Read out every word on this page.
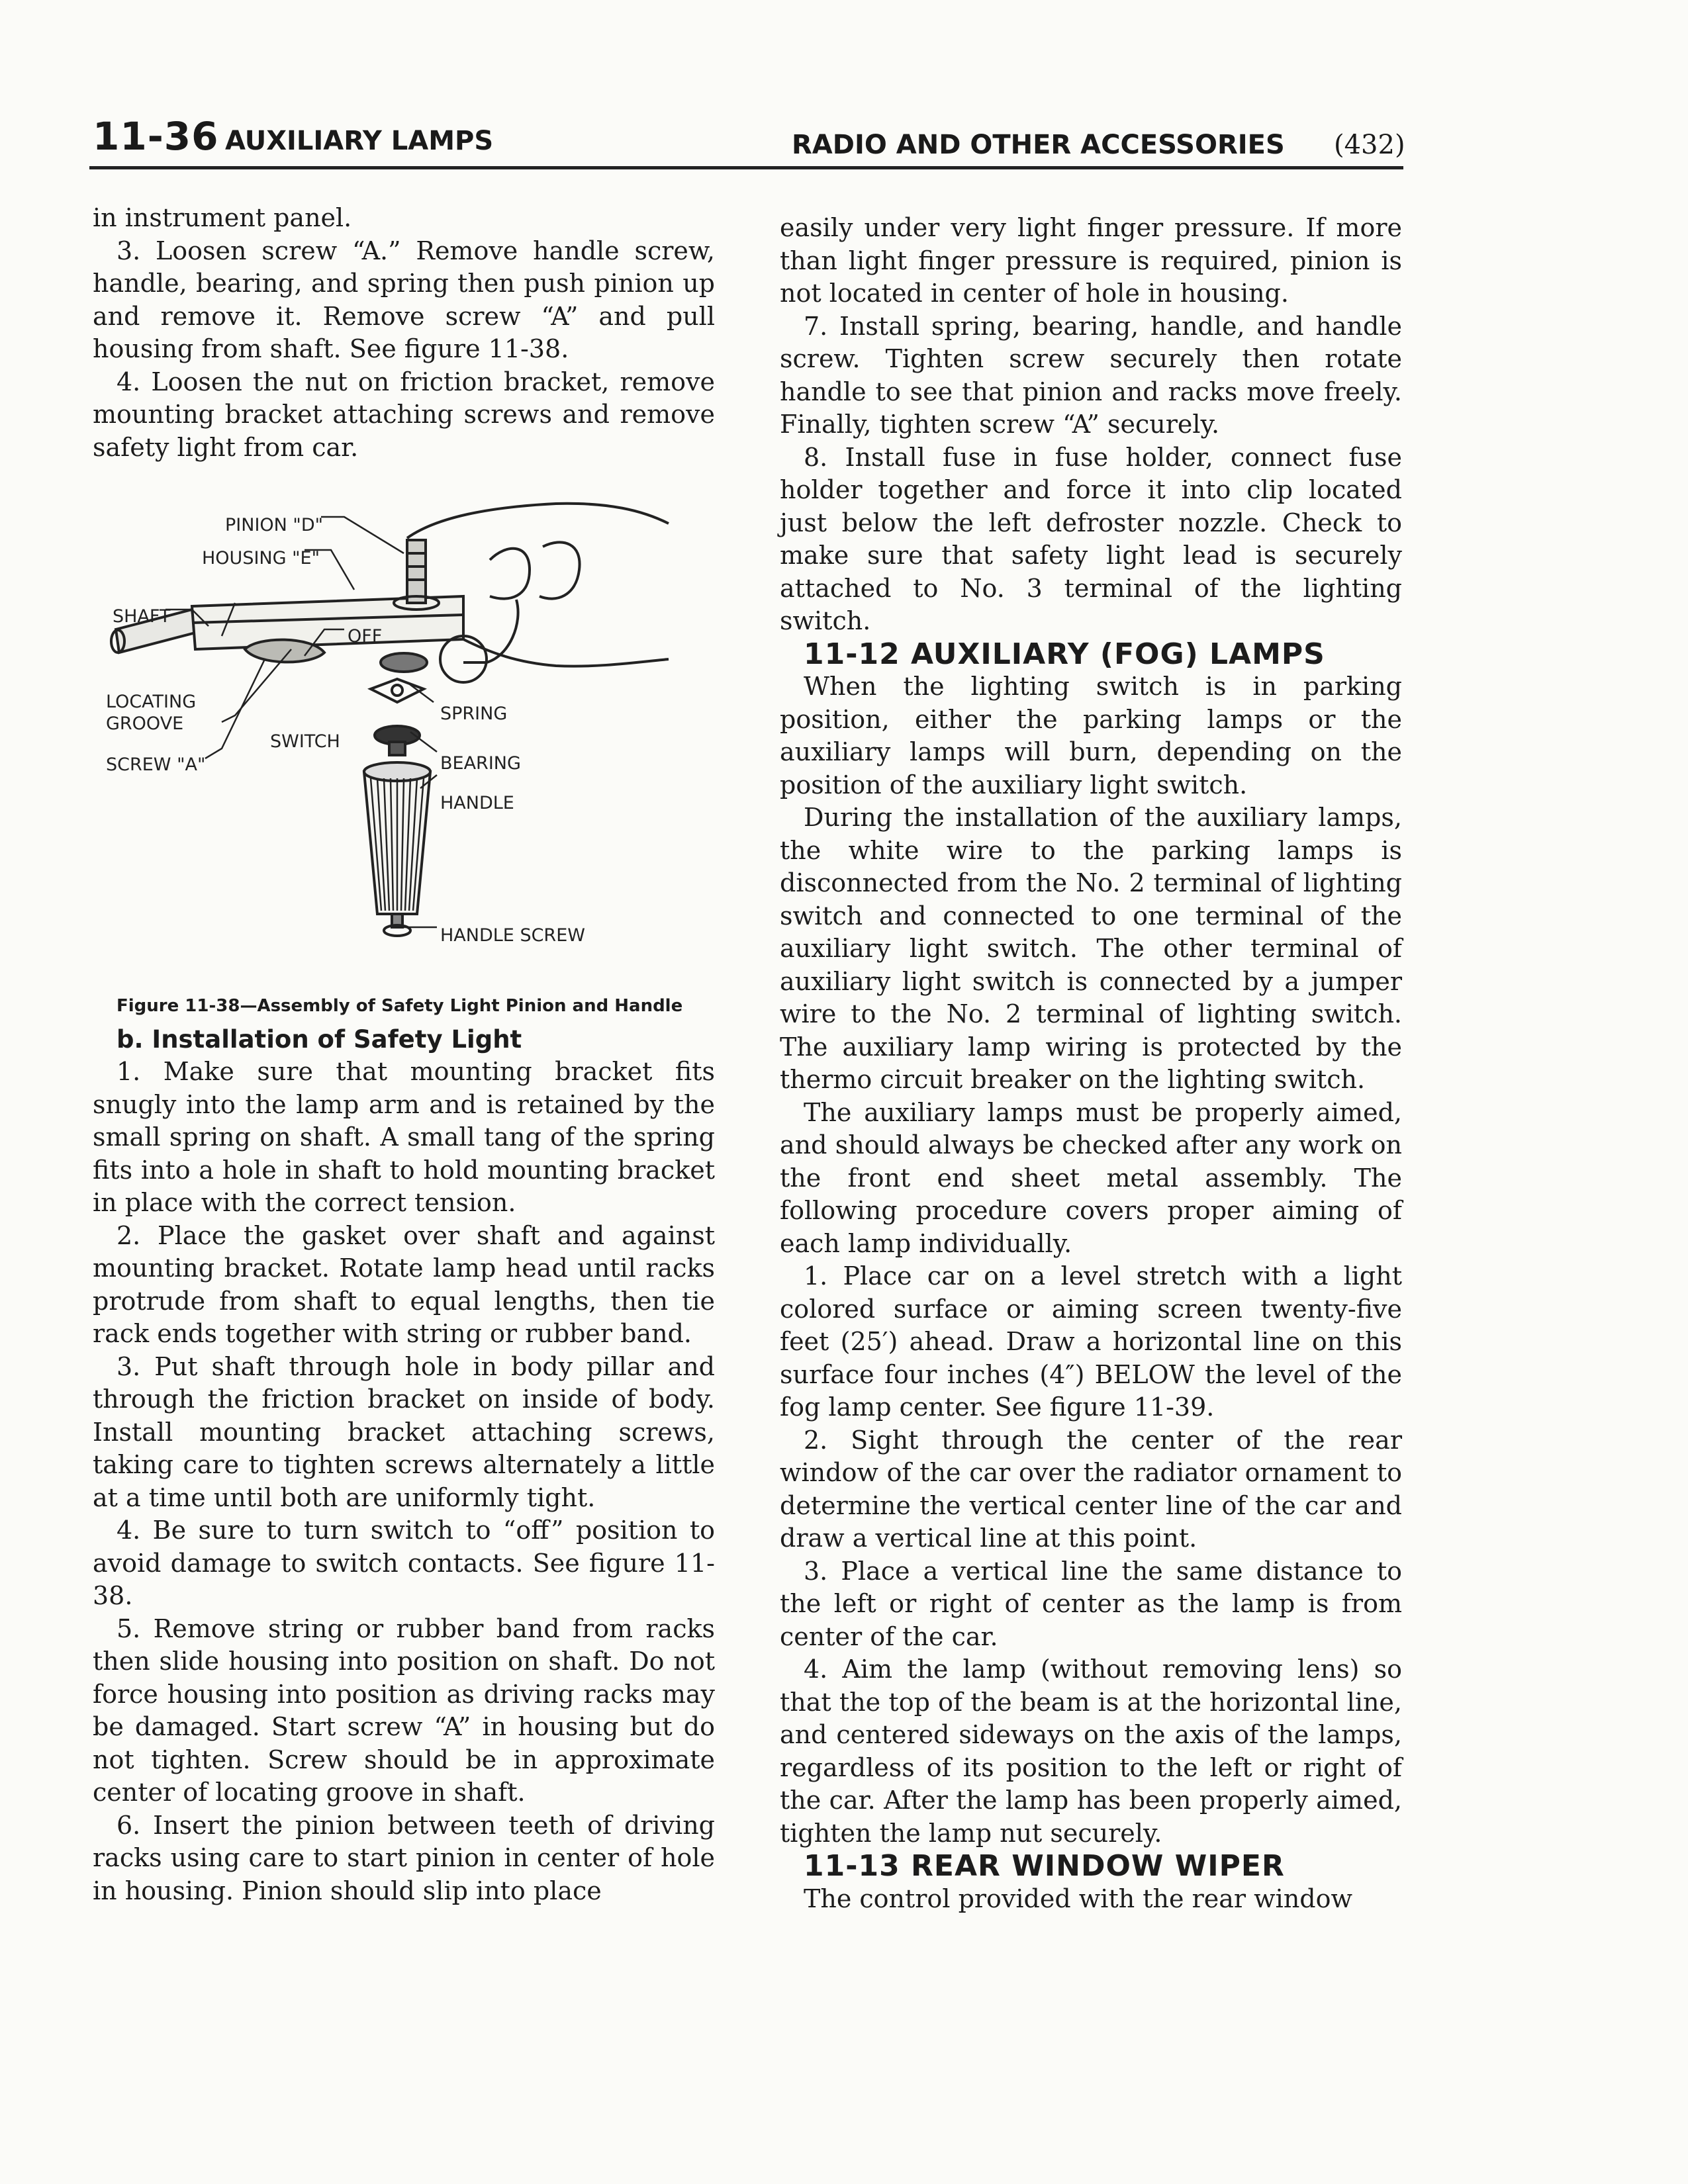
11-36 AUXILIARY LAMPS	RADIO AND OTHER ACCESSORIES (432)

in instrument panel.

3. Loosen screw “A.” Remove handle screw, handle, bearing, and spring then push pinion up and remove it. Remove screw “A” and pull housing from shaft. See figure 11-38.

4. Loosen the nut on friction bracket, remove mounting bracket attaching screws and remove safety light from car.

PINION "D"
HOUSING "E"
SHAFT
OFF
LOCATING
GROOVE
SWITCH
SPRING
SCREW "A"	BEARING
HANDLE
HANDLE SCREW

Figure 11-38—Assembly of Safety Light Pinion and Handle

b. Installation of Safety Light

1. Make sure that mounting bracket fits snugly into the lamp arm and is retained by the small spring on shaft. A small tang of the spring fits into a hole in shaft to hold mounting bracket in place with the correct tension.

2. Place the gasket over shaft and against mounting bracket. Rotate lamp head until racks protrude from shaft to equal lengths, then tie rack ends together with string or rubber band.

3. Put shaft through hole in body pillar and through the friction bracket on inside of body. Install mounting bracket attaching screws, taking care to tighten screws alternately a little at a time until both are uniformly tight.

4. Be sure to turn switch to “off” position to avoid damage to switch contacts. See figure 11-38.

5. Remove string or rubber band from racks then slide housing into position on shaft. Do not force housing into position as driving racks may be damaged. Start screw “A” in housing but do not tighten. Screw should be in approximate center of locating groove in shaft.

6. Insert the pinion between teeth of driving racks using care to start pinion in center of hole in housing. Pinion should slip into place

easily under very light finger pressure. If more than light finger pressure is required, pinion is not located in center of hole in housing.

7. Install spring, bearing, handle, and handle screw. Tighten screw securely then rotate handle to see that pinion and racks move freely. Finally, tighten screw “A” securely.

8. Install fuse in fuse holder, connect fuse holder together and force it into clip located just below the left defroster nozzle. Check to make sure that safety light lead is securely attached to No. 3 terminal of the lighting switch.

11-12 AUXILIARY (FOG) LAMPS

When the lighting switch is in parking position, either the parking lamps or the auxiliary lamps will burn, depending on the position of the auxiliary light switch.

During the installation of the auxiliary lamps, the white wire to the parking lamps is disconnected from the No. 2 terminal of lighting switch and connected to one terminal of the auxiliary light switch. The other terminal of auxiliary light switch is connected by a jumper wire to the No. 2 terminal of lighting switch. The auxiliary lamp wiring is protected by the thermo circuit breaker on the lighting switch.

The auxiliary lamps must be properly aimed, and should always be checked after any work on the front end sheet metal assembly. The following procedure covers proper aiming of each lamp individually.

1. Place car on a level stretch with a light colored surface or aiming screen twenty-five feet (25′) ahead. Draw a horizontal line on this surface four inches (4″) BELOW the level of the fog lamp center. See figure 11-39.

2. Sight through the center of the rear window of the car over the radiator ornament to determine the vertical center line of the car and draw a vertical line at this point.

3. Place a vertical line the same distance to the left or right of center as the lamp is from center of the car.

4. Aim the lamp (without removing lens) so that the top of the beam is at the horizontal line, and centered sideways on the axis of the lamps, regardless of its position to the left or right of the car. After the lamp has been properly aimed, tighten the lamp nut securely.

11-13 REAR WINDOW WIPER

The control provided with the rear window
